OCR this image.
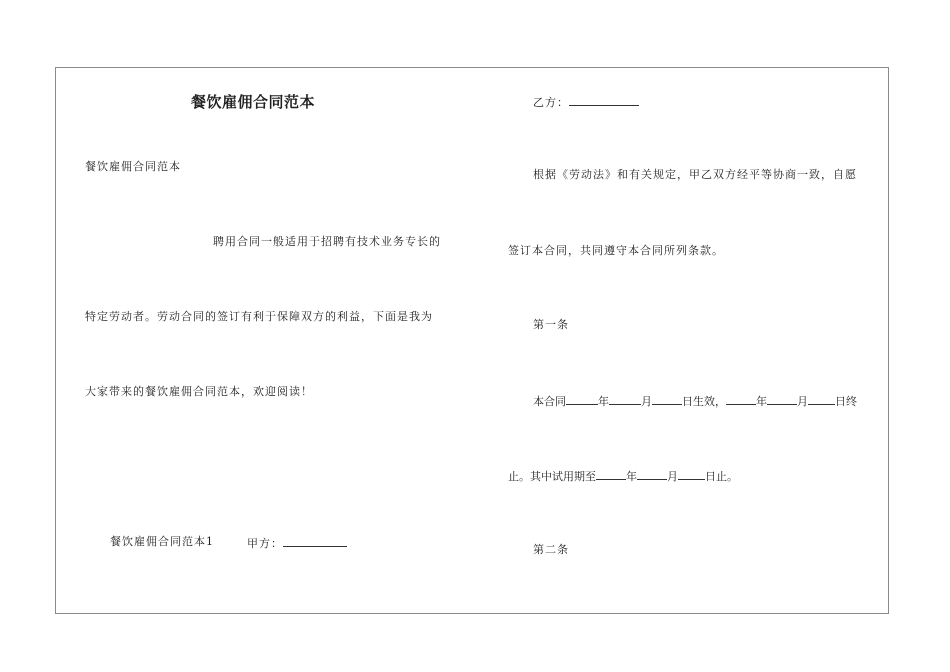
餐饮雇佣合同范本
餐饮雇佣合同范本
聘用合同一般适用于招聘有技术业务专长的
特定劳动者。劳动合同的签订有利于保障双方的利益，下面是我为
大家带来的餐饮雇佣合同范本，欢迎阅读！
餐饮雇佣合同范本1	甲方：
乙方：
根据《劳动法》和有关规定，甲乙双方经平等协商一致，自愿
签订本合同，共同遵守本合同所列条款。
第一条
本合同	年	月	日生效，	年	月 日终
止。其中试用期至	年	月 日止。
第二条
